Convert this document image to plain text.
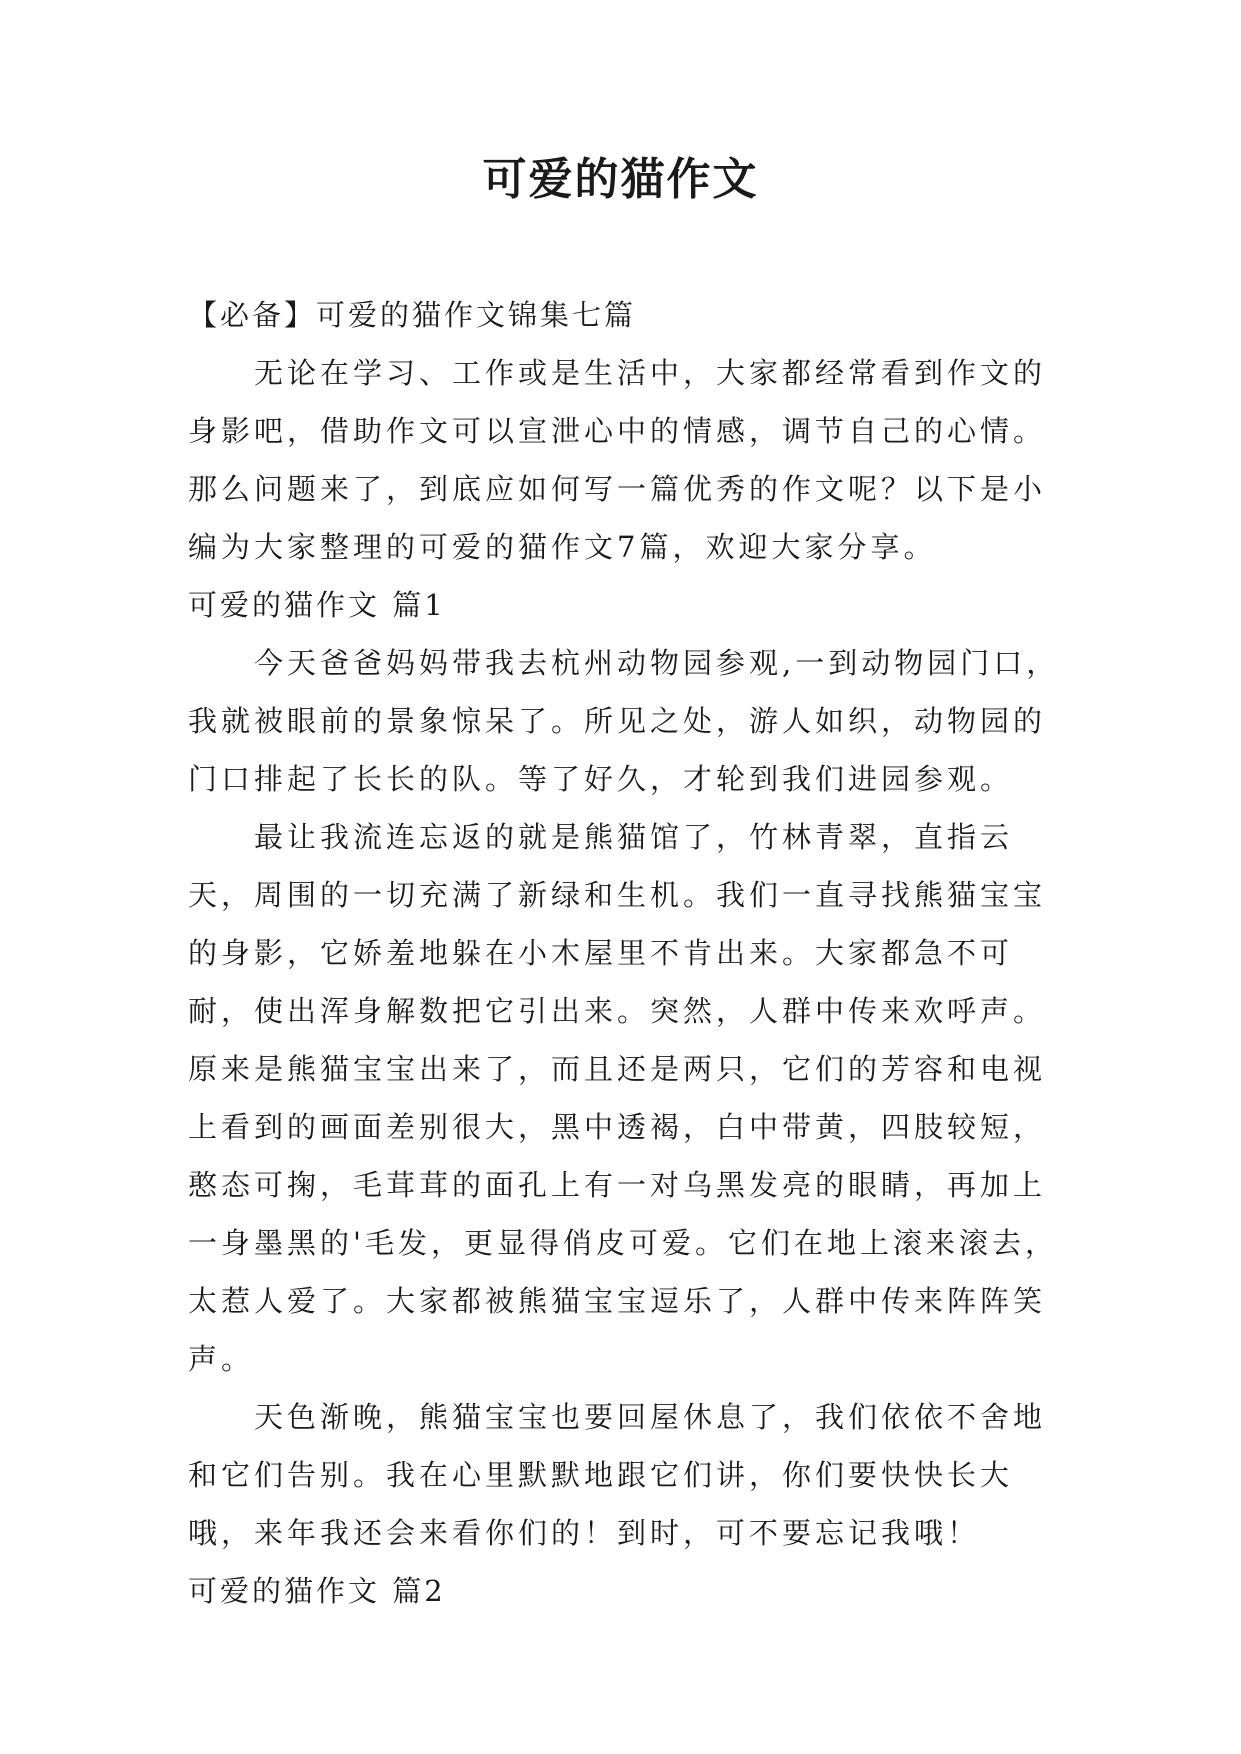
可爱的猫作文
【必备】可爱的猫作文锦集七篇

无论在学习、工作或是生活中，大家都经常看到作文的身影吧，借助作文可以宣泄心中的情感，调节自己的心情。那么问题来了，到底应如何写一篇优秀的作文呢？以下是小编为大家整理的可爱的猫作文7篇，欢迎大家分享。

可爱的猫作文 篇1

今天爸爸妈妈带我去杭州动物园参观,一到动物园门口，我就被眼前的景象惊呆了。所见之处，游人如织，动物园的门口排起了长长的队。等了好久，才轮到我们进园参观。

最让我流连忘返的就是熊猫馆了，竹林青翠，直指云天，周围的一切充满了新绿和生机。我们一直寻找熊猫宝宝的身影，它娇羞地躲在小木屋里不肯出来。大家都急不可耐，使出浑身解数把它引出来。突然，人群中传来欢呼声。原来是熊猫宝宝出来了，而且还是两只，它们的芳容和电视上看到的画面差别很大，黑中透褐，白中带黄，四肢较短，憨态可掬，毛茸茸的面孔上有一对乌黑发亮的眼睛，再加上一身墨黑的'毛发，更显得俏皮可爱。它们在地上滚来滚去，太惹人爱了。大家都被熊猫宝宝逗乐了，人群中传来阵阵笑声。

天色渐晚，熊猫宝宝也要回屋休息了，我们依依不舍地和它们告别。我在心里默默地跟它们讲，你们要快快长大哦，来年我还会来看你们的！到时，可不要忘记我哦！

可爱的猫作文 篇2
